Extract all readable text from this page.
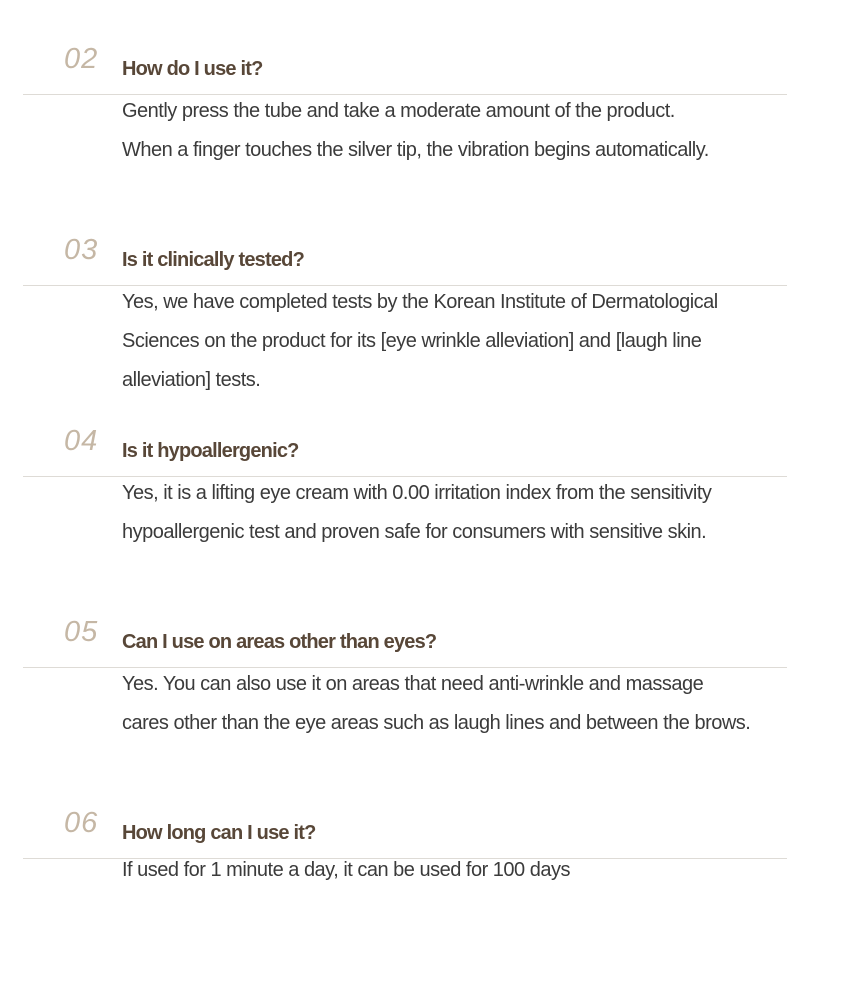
02 How do I use it?
Gently press the tube and take a moderate amount of the product.
When a finger touches the silver tip, the vibration begins automatically.
03 Is it clinically tested?
Yes, we have completed tests by the Korean Institute of Dermatological
Sciences on the product for its [eye wrinkle alleviation] and [laugh line
alleviation] tests.
04 Is it hypoallergenic?
Yes, it is a lifting eye cream with 0.00 irritation index from the sensitivity
hypoallergenic test and proven safe for consumers with sensitive skin.
05 Can I use on areas other than eyes?
Yes. You can also use it on areas that need anti-wrinkle and massage
cares other than the eye areas such as laugh lines and between the brows.
06 How long can I use it?
If used for 1 minute a day, it can be used for 100 days
